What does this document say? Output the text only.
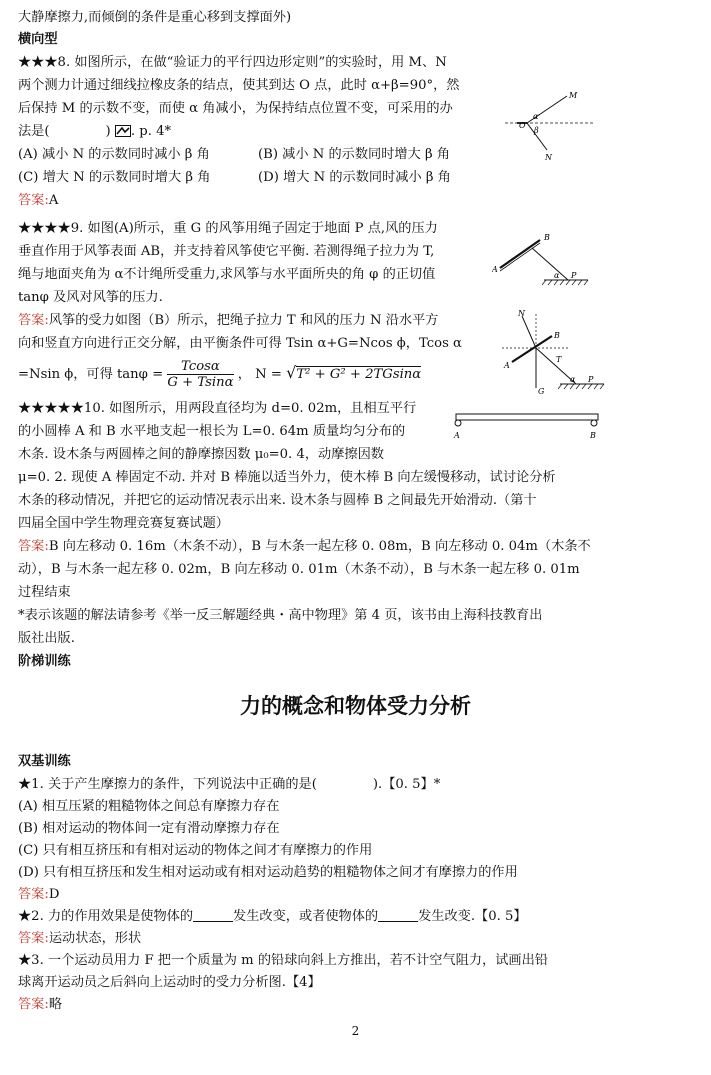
大静摩擦力,而倾倒的条件是重心移到支撑面外)
横向型
★★★8. 如图所示，在做“验证力的平行四边形定则”的实验时，用 M、N
两个测力计通过细线拉橡皮条的结点，使其到达 O 点，此时 α+β=90°，然
后保持 M 的示数不变，而使 α 角减小，为保持结点位置不变，可采用的办
法是(	) . p. 4*
(A) 减小 N 的示数同时减小 β 角	(B) 减小 N 的示数同时增大 β 角
(C) 增大 N 的示数同时增大 β 角	(D) 增大 N 的示数同时减小 β 角
答案:A
O
α
β
M
N
★★★★9. 如图(A)所示，重 G 的风筝用绳子固定于地面 P 点,风的压力
垂直作用于风筝表面 AB，并支持着风筝使它平衡. 若测得绳子拉力为 T,
绳与地面夹角为 α不计绳所受重力,求风筝与水平面所央的角 φ 的正切值
tanφ 及风对风筝的压力.
答案:风筝的受力如图（B）所示，把绳子拉力 T 和风的压力 N 沿水平方
向和竖直方向进行正交分解，由平衡条件可得 Tsin α+G=Ncos ϕ，Tcos α
=Nsin ϕ，可得 $\tan\varphi = \frac{Tcos\alpha}{G + Tsin\alpha}$ ， N = √T² + G² + 2TGsinα
B
A
α P
N
B
T
A
G
α P
★★★★★10. 如图所示，用两段直径均为 d=0. 02m，且相互平行
的小圆棒 A 和 B 水平地支起一根长为 L=0. 64m 质量均匀分布的
木条. 设木条与两圆棒之间的静摩擦因数 μ₀=0. 4，动摩擦因数
μ=0. 2. 现使 A 棒固定不动. 并对 B 棒施以适当外力，使木棒 B 向左缓慢移动，试讨论分析
木条的移动情况，并把它的运动情况表示出来. 设木条与圆棒 B 之间最先开始滑动.（第十
四届全国中学生物理竞赛复赛试题）
答案:B 向左移动 0. 16m（木条不动），B 与木条一起左移 0. 08m，B 向左移动 0. 04m（木条不
动），B 与木条一起左移 0. 02m，B 向左移动 0. 01m（木条不动），B 与木条一起左移 0. 01m
过程结束
*表示该题的解法请参考《举一反三解题经典・高中物理》第 4 页，该书由上海科技教育出
版社出版.
A	B
阶梯训练
力的概念和物体受力分析
双基训练
★1. 关于产生摩擦力的条件，下列说法中正确的是(	).【0. 5】*
(A) 相互压紧的粗糙物体之间总有摩擦力存在
(B) 相对运动的物体间一定有滑动摩擦力存在
(C) 只有相互挤压和有相对运动的物体之间才有摩擦力的作用
(D) 只有相互挤压和发生相对运动或有相对运动趋势的粗糙物体之间才有摩擦力的作用
答案:D
★2. 力的作用效果是使物体的	发生改变，或者使物体的	发生改变.【0. 5】
答案:运动状态，形状
★3. 一个运动员用力 F 把一个质量为 m 的铅球向斜上方推出，若不计空气阻力，试画出铅
球离开运动员之后斜向上运动时的受力分析图.【4】
答案:略
2
